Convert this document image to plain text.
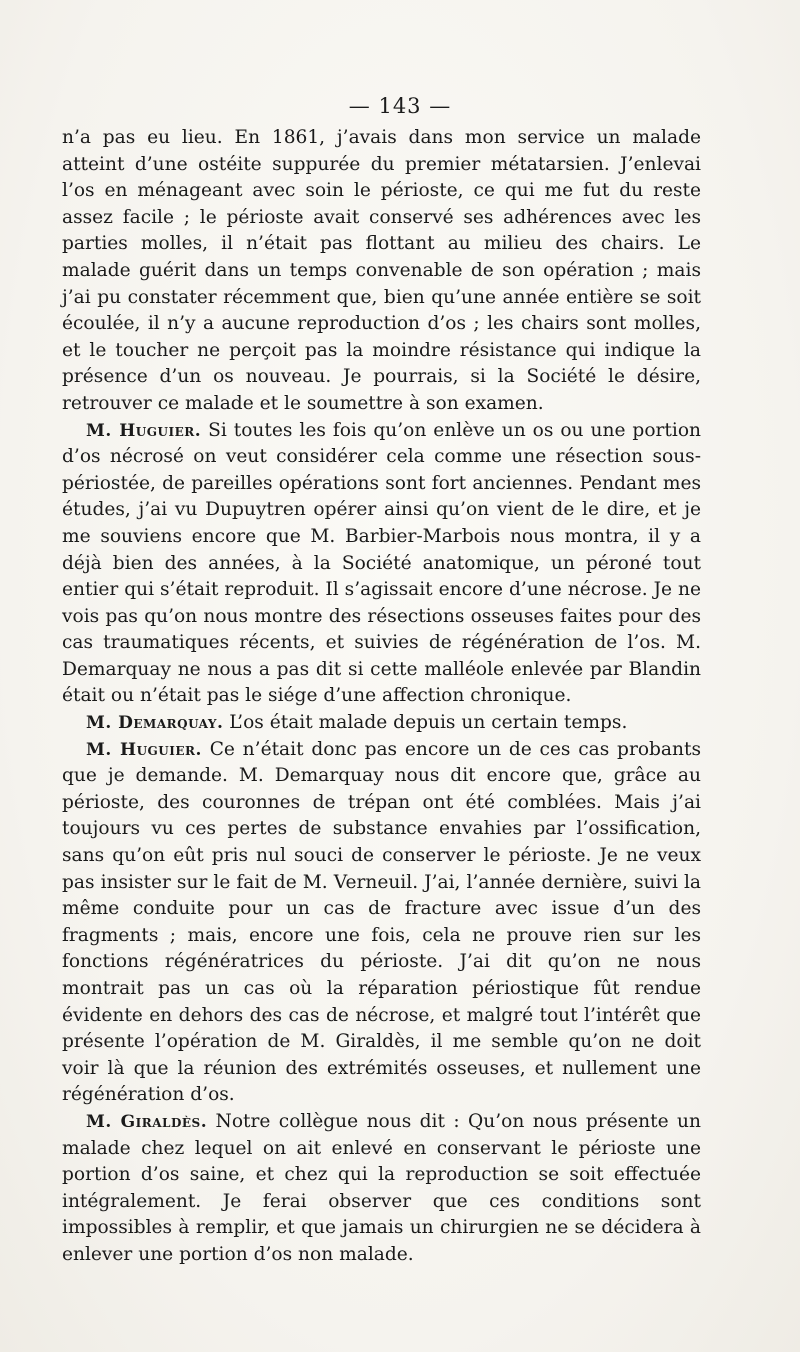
— 143 —

n’a pas eu lieu. En 1861, j’avais dans mon service un malade atteint d’une ostéite suppurée du premier métatarsien. J’enlevai l’os en ménageant avec soin le périoste, ce qui me fut du reste assez facile ; le périoste avait conservé ses adhérences avec les parties molles, il n’était pas flottant au milieu des chairs. Le malade guérit dans un temps convenable de son opération ; mais j’ai pu constater récemment que, bien qu’une année entière se soit écoulée, il n’y a aucune reproduction d’os ; les chairs sont molles, et le toucher ne perçoit pas la moindre résistance qui indique la présence d’un os nouveau. Je pourrais, si la Société le désire, retrouver ce malade et le soumettre à son examen.

M. Huguier. Si toutes les fois qu’on enlève un os ou une portion d’os nécrosé on veut considérer cela comme une résection sous-périostée, de pareilles opérations sont fort anciennes. Pendant mes études, j’ai vu Dupuytren opérer ainsi qu’on vient de le dire, et je me souviens encore que M. Barbier-Marbois nous montra, il y a déjà bien des années, à la Société anatomique, un péroné tout entier qui s’était reproduit. Il s’agissait encore d’une nécrose. Je ne vois pas qu’on nous montre des résections osseuses faites pour des cas traumatiques récents, et suivies de régénération de l’os. M. Demarquay ne nous a pas dit si cette malléole enlevée par Blandin était ou n’était pas le siége d’une affection chronique.

M. Demarquay. L’os était malade depuis un certain temps.

M. Huguier. Ce n’était donc pas encore un de ces cas probants que je demande. M. Demarquay nous dit encore que, grâce au périoste, des couronnes de trépan ont été comblées. Mais j’ai toujours vu ces pertes de substance envahies par l’ossification, sans qu’on eût pris nul souci de conserver le périoste. Je ne veux pas insister sur le fait de M. Verneuil. J’ai, l’année dernière, suivi la même conduite pour un cas de fracture avec issue d’un des fragments ; mais, encore une fois, cela ne prouve rien sur les fonctions régénératrices du périoste. J’ai dit qu’on ne nous montrait pas un cas où la réparation périostique fût rendue évidente en dehors des cas de nécrose, et malgré tout l’intérêt que présente l’opération de M. Giraldès, il me semble qu’on ne doit voir là que la réunion des extrémités osseuses, et nullement une régénération d’os.

M. Giraldès. Notre collègue nous dit : Qu’on nous présente un malade chez lequel on ait enlevé en conservant le périoste une portion d’os saine, et chez qui la reproduction se soit effectuée intégralement. Je ferai observer que ces conditions sont impossibles à remplir, et que jamais un chirurgien ne se décidera à enlever une portion d’os non malade.
